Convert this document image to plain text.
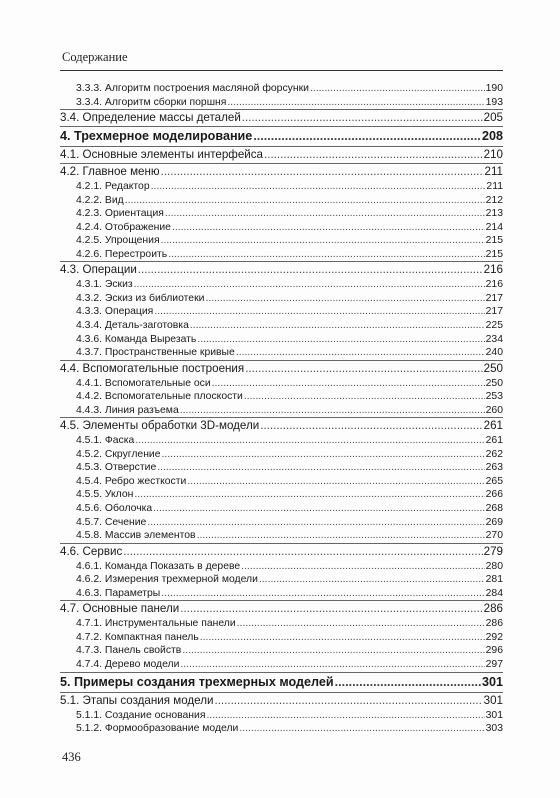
Содержание
3.3.3. Алгоритм построения масляной форсунки .....	190
3.3.4. Алгоритм сборки поршня .....	193
3.4. Определение массы деталей .....	205
4. Трехмерное моделирование .....	208
4.1. Основные элементы интерфейса .....	210
4.2. Главное меню .....	211
4.2.1. Редактор .....	211
4.2.2. Вид .....	212
4.2.3. Ориентация .....	213
4.2.4. Отображение .....	214
4.2.5. Упрощения .....	215
4.2.6. Перестроить .....	215
4.3. Операции .....	216
4.3.1. Эскиз .....	216
4.3.2. Эскиз из библиотеки .....	217
4.3.3. Операция .....	217
4.3.4. Деталь-заготовка .....	225
4.3.6. Команда Вырезать .....	234
4.3.7. Пространственные кривые .....	240
4.4. Вспомогательные построения .....	250
4.4.1. Вспомогательные оси .....	250
4.4.2. Вспомогательные плоскости .....	253
4.4.3. Линия разъема .....	260
4.5. Элементы обработки 3D-модели .....	261
4.5.1. Фаска .....	261
4.5.2. Скругление .....	262
4.5.3. Отверстие .....	263
4.5.4. Ребро жесткости .....	265
4.5.5. Уклон .....	266
4.5.6. Оболочка .....	268
4.5.7. Сечение .....	269
4.5.8. Массив элементов .....	270
4.6. Сервис .....	279
4.6.1. Команда Показать в дереве .....	280
4.6.2. Измерения трехмерной модели .....	281
4.6.3. Параметры .....	284
4.7. Основные панели .....	286
4.7.1. Инструментальные панели .....	286
4.7.2. Компактная панель .....	292
4.7.3. Панель свойств .....	296
4.7.4. Дерево модели .....	297
5. Примеры создания трехмерных моделей .....	301
5.1. Этапы создания модели .....	301
5.1.1. Создание основания .....	301
5.1.2. Формообразование модели .....	303
436
